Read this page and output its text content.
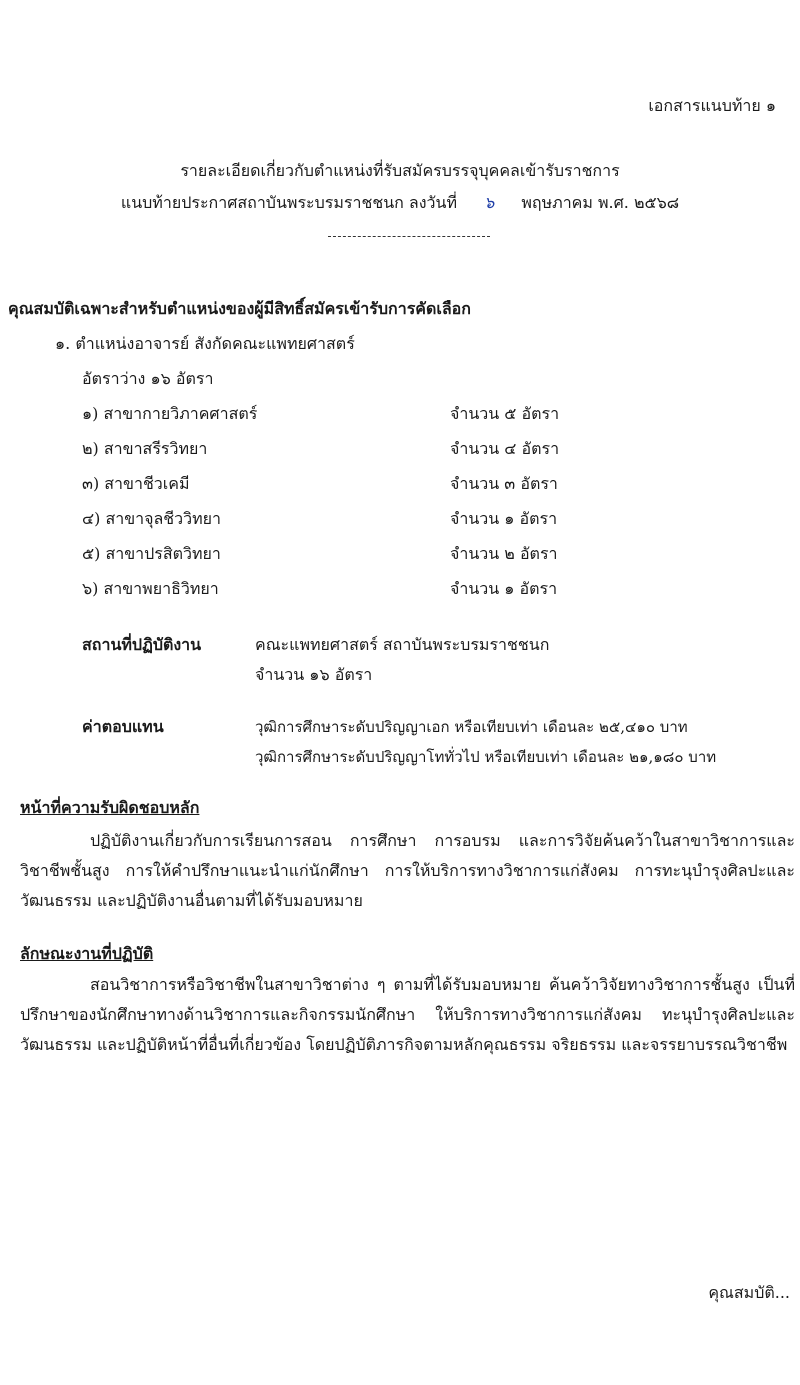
เอกสารแนบท้าย ๑
รายละเอียดเกี่ยวกับตำแหน่งที่รับสมัครบรรจุบุคคลเข้ารับราชการ
แนบท้ายประกาศสถาบันพระบรมราชชนก ลงวันที่ ๖ พฤษภาคม พ.ศ. ๒๕๖๘
คุณสมบัติเฉพาะสำหรับตำแหน่งของผู้มีสิทธิ์สมัครเข้ารับการคัดเลือก
๑. ตำแหน่งอาจารย์ สังกัดคณะแพทยศาสตร์
อัตราว่าง ๑๖ อัตรา
๑) สาขากายวิภาคศาสตร์	จำนวน ๕ อัตรา
๒) สาขาสรีรวิทยา	จำนวน ๔ อัตรา
๓) สาขาชีวเคมี	จำนวน ๓ อัตรา
๔) สาขาจุลชีววิทยา	จำนวน ๑ อัตรา
๕) สาขาปรสิตวิทยา	จำนวน ๒ อัตรา
๖) สาขาพยาธิวิทยา	จำนวน ๑ อัตรา
สถานที่ปฏิบัติงาน	คณะแพทยศาสตร์ สถาบันพระบรมราชชนก
จำนวน ๑๖ อัตรา
ค่าตอบแทน	วุฒิการศึกษาระดับปริญญาเอก หรือเทียบเท่า เดือนละ ๒๕,๔๑๐ บาท
วุฒิการศึกษาระดับปริญญาโททั่วไป หรือเทียบเท่า เดือนละ ๒๑,๑๘๐ บาท
หน้าที่ความรับผิดชอบหลัก
ปฏิบัติงานเกี่ยวกับการเรียนการสอน การศึกษา การอบรม และการวิจัยค้นคว้าในสาขาวิชาการและวิชาชีพชั้นสูง การให้คำปรึกษาแนะนำแก่นักศึกษา การให้บริการทางวิชาการแก่สังคม การทะนุบำรุงศิลปะและวัฒนธรรม และปฏิบัติงานอื่นตามที่ได้รับมอบหมาย
ลักษณะงานที่ปฏิบัติ
สอนวิชาการหรือวิชาชีพในสาขาวิชาต่าง ๆ ตามที่ได้รับมอบหมาย ค้นคว้าวิจัยทางวิชาการชั้นสูง เป็นที่ปรึกษาของนักศึกษาทางด้านวิชาการและกิจกรรมนักศึกษา ให้บริการทางวิชาการแก่สังคม ทะนุบำรุงศิลปะและวัฒนธรรม และปฏิบัติหน้าที่อื่นที่เกี่ยวข้อง โดยปฏิบัติภารกิจตามหลักคุณธรรม จริยธรรม และจรรยาบรรณวิชาชีพ
คุณสมบัติ...
